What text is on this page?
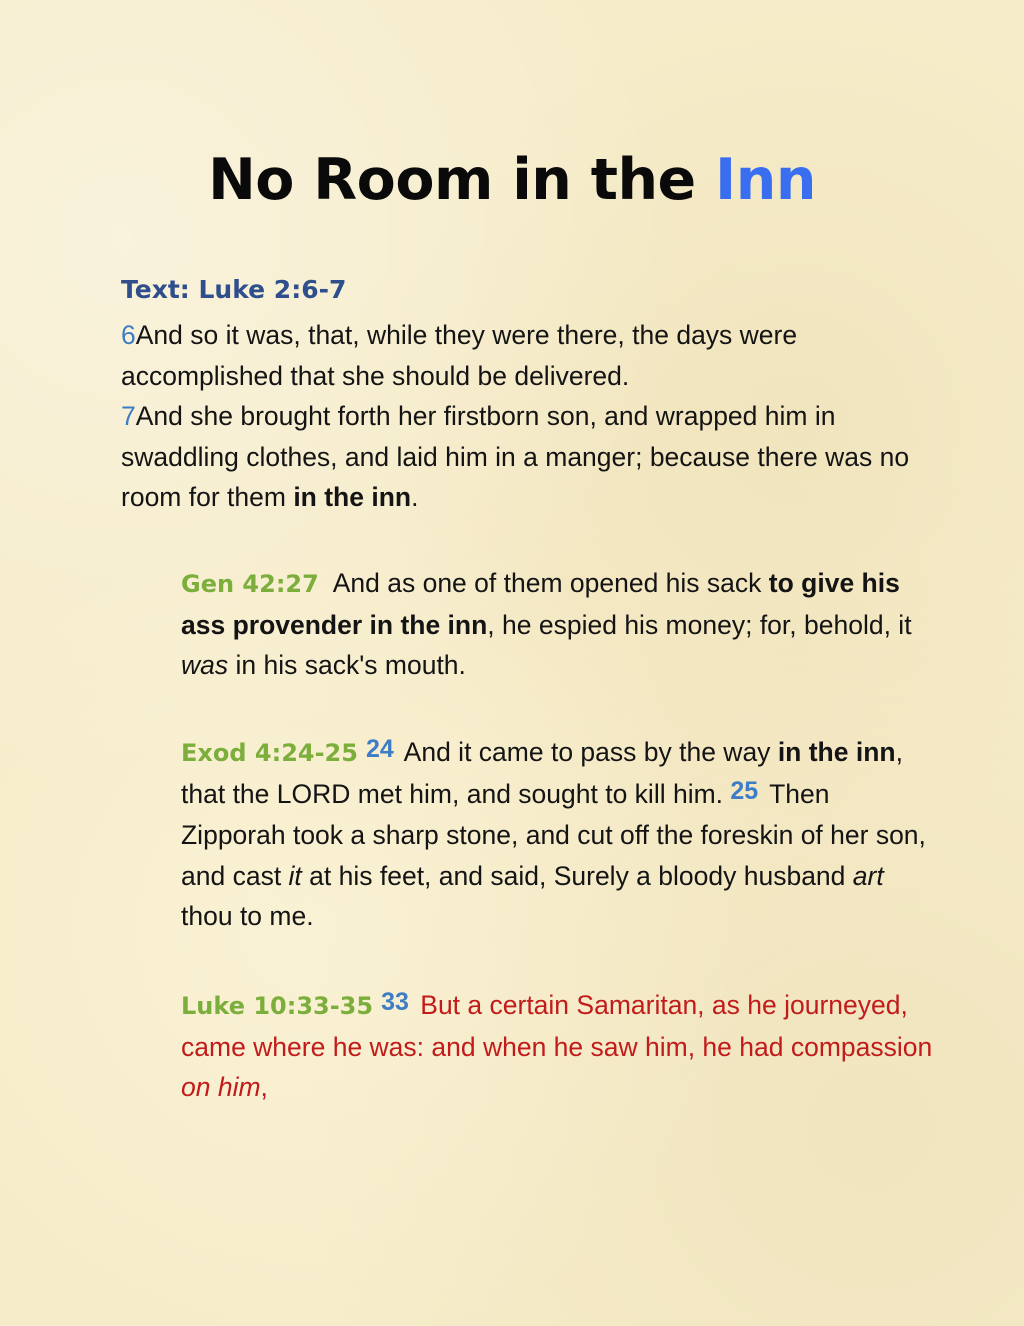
No Room in the Inn
Text: Luke 2:6-7

6And so it was, that, while they were there, the days were accomplished that she should be delivered.

7And she brought forth her firstborn son, and wrapped him in swaddling clothes, and laid him in a manger; because there was no room for them in the inn.

Gen 42:27 And as one of them opened his sack to give his ass provender in the inn, he espied his money; for, behold, it was in his sack's mouth.

Exod 4:24-25 24 And it came to pass by the way in the inn, that the LORD met him, and sought to kill him. 25 Then Zipporah took a sharp stone, and cut off the foreskin of her son, and cast it at his feet, and said, Surely a bloody husband art thou to me.

Luke 10:33-35 33 But a certain Samaritan, as he journeyed, came where he was: and when he saw him, he had compassion on him,
